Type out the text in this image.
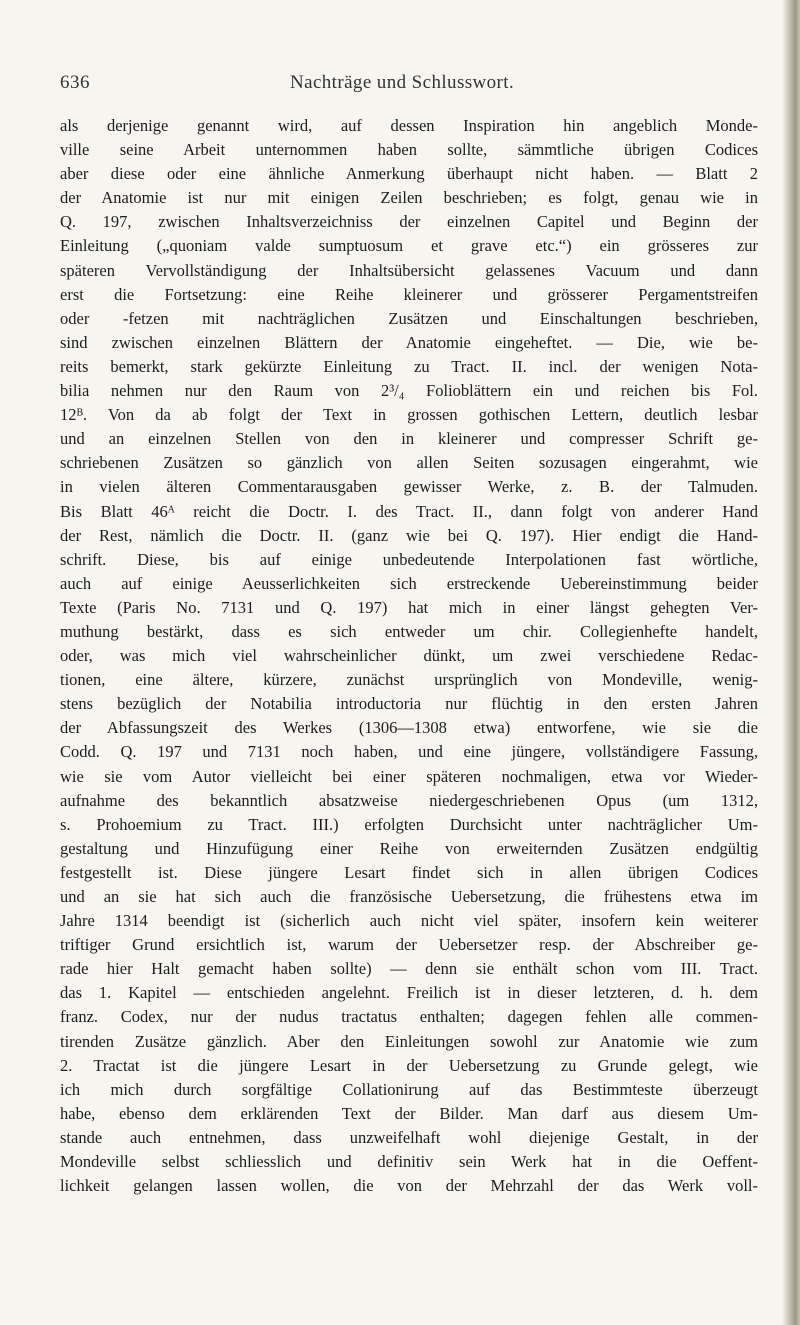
636	Nachträge und Schlusswort.
als derjenige genannt wird, auf dessen Inspiration hin angeblich Monde-
ville seine Arbeit unternommen haben sollte, sämmtliche übrigen Codices
aber diese oder eine ähnliche Anmerkung überhaupt nicht haben. — Blatt 2
der Anatomie ist nur mit einigen Zeilen beschrieben; es folgt, genau wie in
Q. 197, zwischen Inhaltsverzeichniss der einzelnen Capitel und Beginn der
Einleitung („quoniam valde sumptuosum et grave etc.“) ein grösseres zur
späteren Vervollständigung der Inhaltsübersicht gelassenes Vacuum und dann
erst die Fortsetzung: eine Reihe kleinerer und grösserer Pergamentstreifen
oder -fetzen mit nachträglichen Zusätzen und Einschaltungen beschrieben,
sind zwischen einzelnen Blättern der Anatomie eingeheftet. — Die, wie be-
reits bemerkt, stark gekürzte Einleitung zu Tract. II. incl. der wenigen Nota-
bilia nehmen nur den Raum von 2³/₄ Folioblättern ein und reichen bis Fol.
12ᴮ. Von da ab folgt der Text in grossen gothischen Lettern, deutlich lesbar
und an einzelnen Stellen von den in kleinerer und compresser Schrift ge-
schriebenen Zusätzen so gänzlich von allen Seiten sozusagen eingerahmt, wie
in vielen älteren Commentarausgaben gewisser Werke, z. B. der Talmuden.
Bis Blatt 46ᴬ reicht die Doctr. I. des Tract. II., dann folgt von anderer Hand
der Rest, nämlich die Doctr. II. (ganz wie bei Q. 197). Hier endigt die Hand-
schrift. Diese, bis auf einige unbedeutende Interpolationen fast wörtliche,
auch auf einige Aeusserlichkeiten sich erstreckende Uebereinstimmung beider
Texte (Paris No. 7131 und Q. 197) hat mich in einer längst gehegten Ver-
muthung bestärkt, dass es sich entweder um chir. Collegienhefte handelt,
oder, was mich viel wahrscheinlicher dünkt, um zwei verschiedene Redac-
tionen, eine ältere, kürzere, zunächst ursprünglich von Mondeville, wenig-
stens bezüglich der Notabilia introductoria nur flüchtig in den ersten Jahren
der Abfassungszeit des Werkes (1306—1308 etwa) entworfene, wie sie die
Codd. Q. 197 und 7131 noch haben, und eine jüngere, vollständigere Fassung,
wie sie vom Autor vielleicht bei einer späteren nochmaligen, etwa vor Wieder-
aufnahme des bekanntlich absatzweise niedergeschriebenen Opus (um 1312,
s. Prohoemium zu Tract. III.) erfolgten Durchsicht unter nachträglicher Um-
gestaltung und Hinzufügung einer Reihe von erweiternden Zusätzen endgültig
festgestellt ist. Diese jüngere Lesart findet sich in allen übrigen Codices
und an sie hat sich auch die französische Uebersetzung, die frühestens etwa im
Jahre 1314 beendigt ist (sicherlich auch nicht viel später, insofern kein weiterer
triftiger Grund ersichtlich ist, warum der Uebersetzer resp. der Abschreiber ge-
rade hier Halt gemacht haben sollte) — denn sie enthält schon vom III. Tract.
das 1. Kapitel — entschieden angelehnt. Freilich ist in dieser letzteren, d. h. dem
franz. Codex, nur der nudus tractatus enthalten; dagegen fehlen alle commen-
tirenden Zusätze gänzlich. Aber den Einleitungen sowohl zur Anatomie wie zum
2. Tractat ist die jüngere Lesart in der Uebersetzung zu Grunde gelegt, wie
ich mich durch sorgfältige Collationirung auf das Bestimmteste überzeugt
habe, ebenso dem erklärenden Text der Bilder. Man darf aus diesem Um-
stande auch entnehmen, dass unzweifelhaft wohl diejenige Gestalt, in der
Mondeville selbst schliesslich und definitiv sein Werk hat in die Oeffent-
lichkeit gelangen lassen wollen, die von der Mehrzahl der das Werk voll-
